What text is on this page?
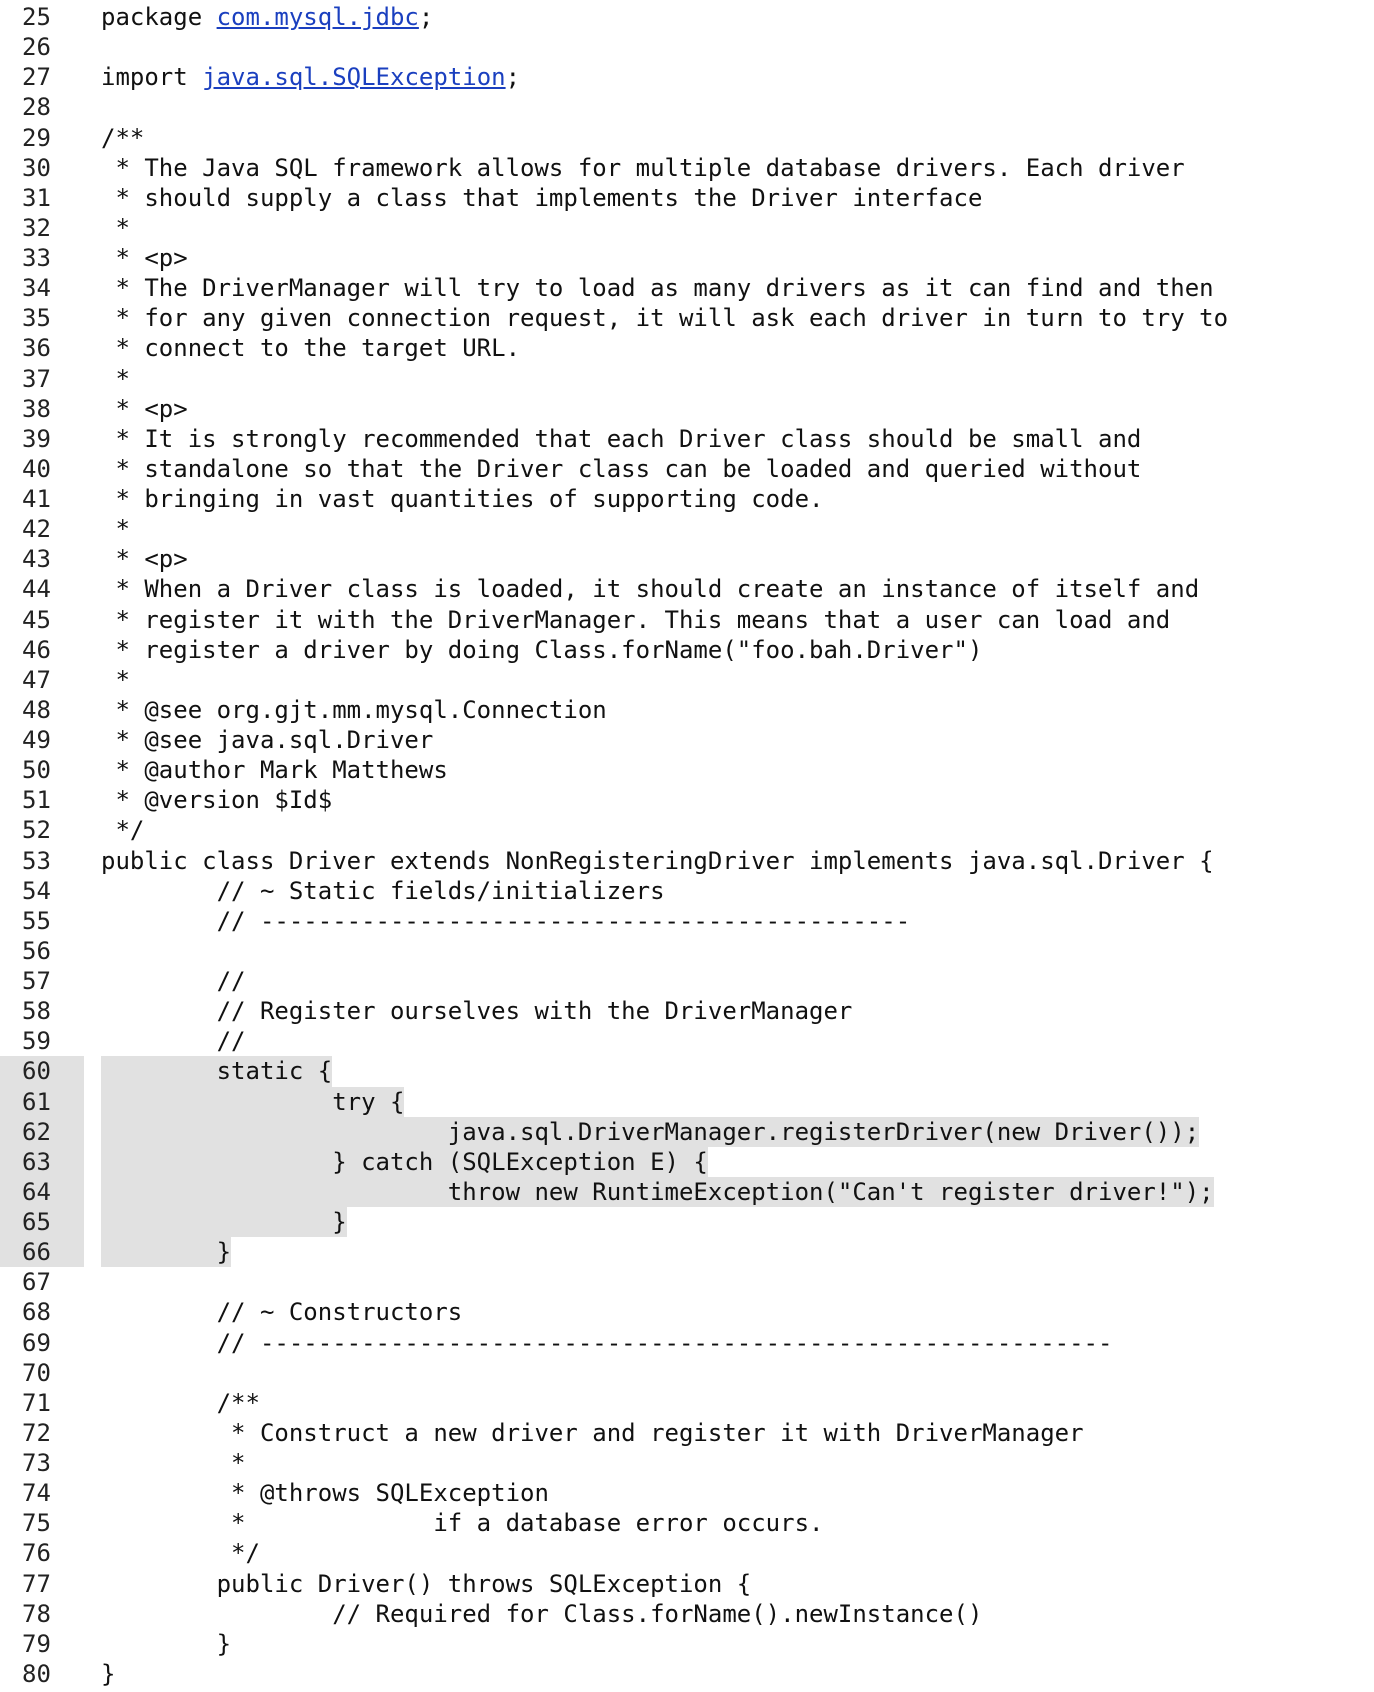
25	package com.mysql.jdbc;
26
27	import java.sql.SQLException;
28
29	/**
30	* The Java SQL framework allows for multiple database drivers. Each driver
31	* should supply a class that implements the Driver interface
32	*
33	* <p>
34	* The DriverManager will try to load as many drivers as it can find and then
35	* for any given connection request, it will ask each driver in turn to try to
36	* connect to the target URL.
37	*
38	* <p>
39	* It is strongly recommended that each Driver class should be small and
40	* standalone so that the Driver class can be loaded and queried without
41	* bringing in vast quantities of supporting code.
42	*
43	* <p>
44	* When a Driver class is loaded, it should create an instance of itself and
45	* register it with the DriverManager. This means that a user can load and
46	* register a driver by doing Class.forName("foo.bah.Driver")
47	*
48	* @see org.gjt.mm.mysql.Connection
49	* @see java.sql.Driver
50	* @author Mark Matthews
51	* @version $Id$
52	*/
53	public class Driver extends NonRegisteringDriver implements java.sql.Driver {
54	// ~ Static fields/initializers
55	// ---------------------------------------------
56
57	//
58	// Register ourselves with the DriverManager
59	//
60	static {
61	try {
62	java.sql.DriverManager.registerDriver(new Driver());
63	} catch (SQLException E) {
64	throw new RuntimeException("Can't register driver!");
65	}
66	}
67
68	// ~ Constructors
69	// -----------------------------------------------------------
70
71	/**
72	* Construct a new driver and register it with DriverManager
73	*
74	* @throws SQLException
75	*             if a database error occurs.
76	*/
77	public Driver() throws SQLException {
78	// Required for Class.forName().newInstance()
79	}
80	}
